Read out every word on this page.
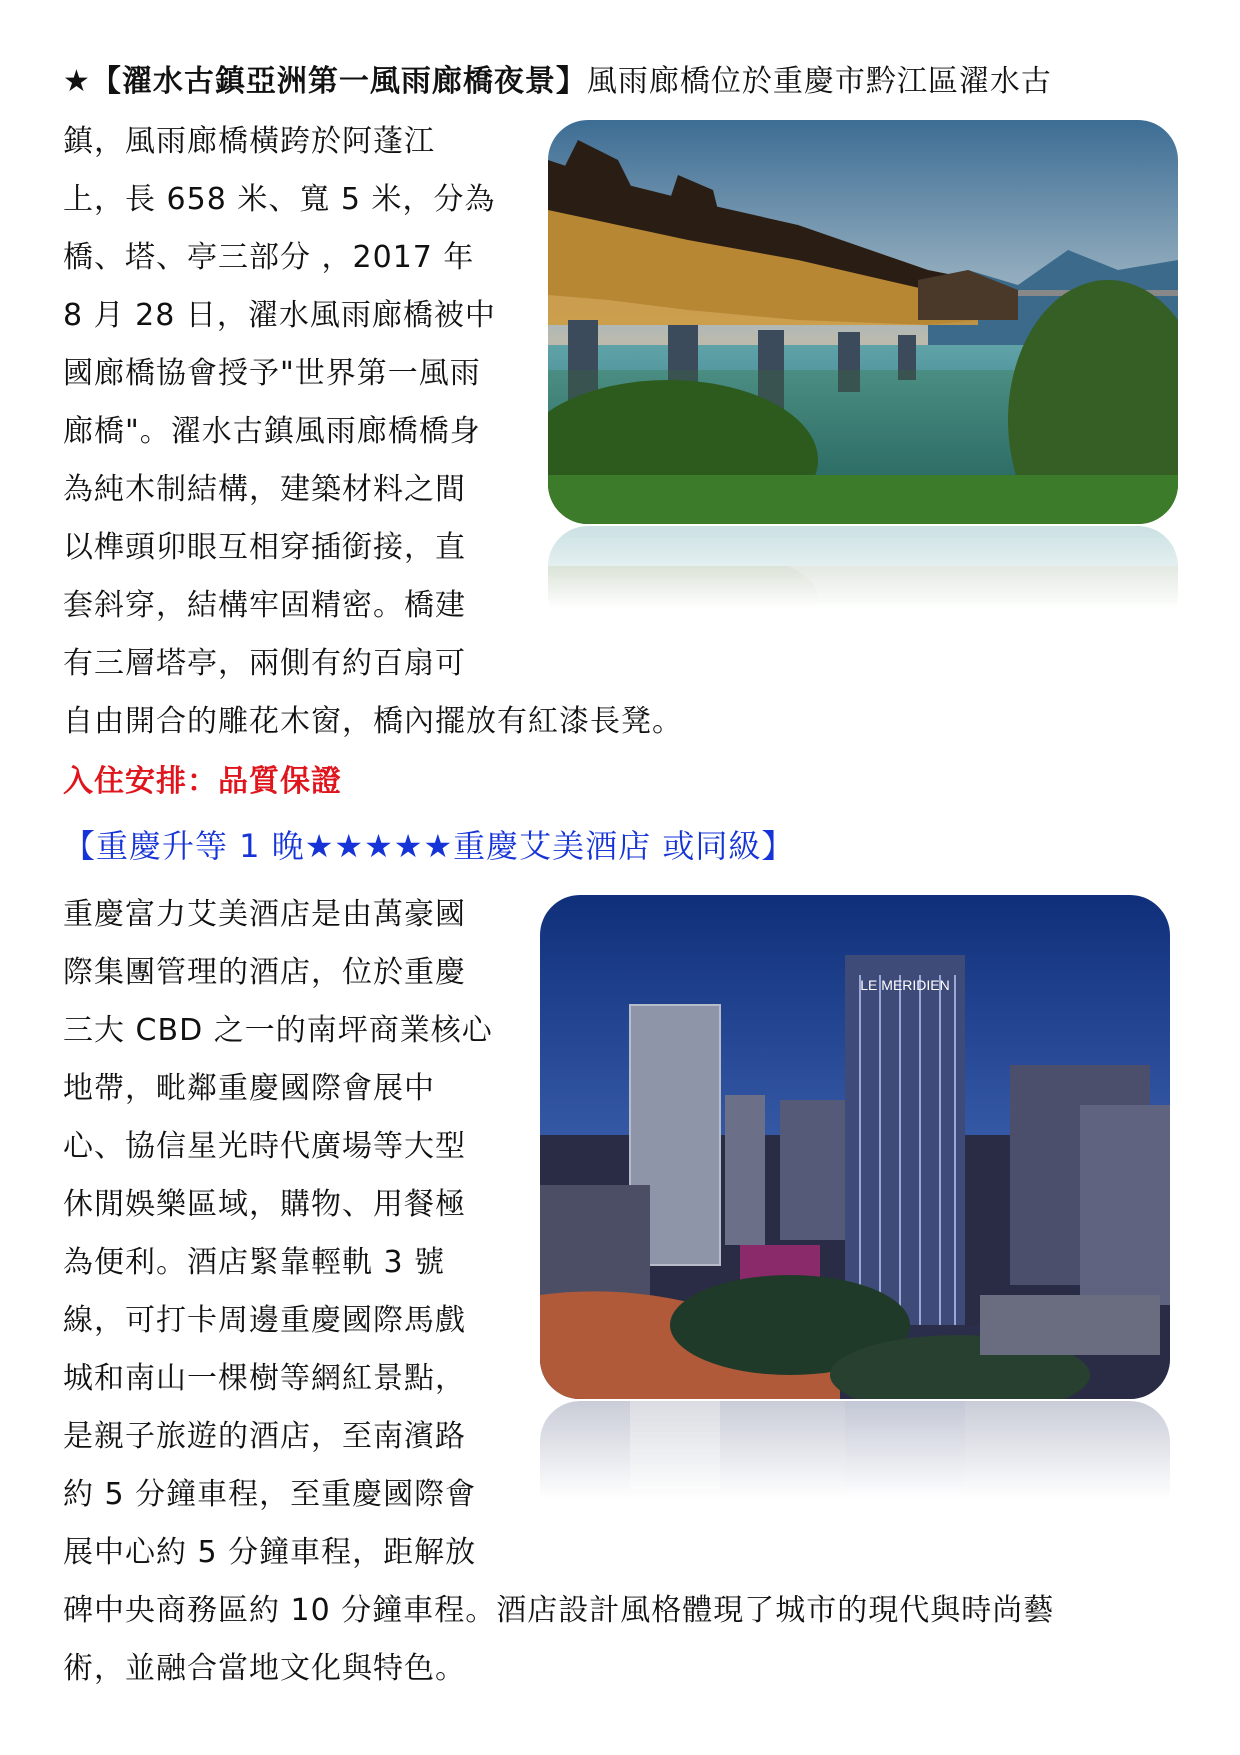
★【濯水古鎮亞洲第一風雨廊橋夜景】風雨廊橋位於重慶市黔江區濯水古
鎮，風雨廊橋橫跨於阿蓬江
上，長 658 米、寬 5 米，分為
橋、塔、亭三部分 ，2017 年
8 月 28 日，濯水風雨廊橋被中
國廊橋協會授予"世界第一風雨
廊橋"。濯水古鎮風雨廊橋橋身
為純木制結構，建築材料之間
以榫頭卯眼互相穿插銜接，直
套斜穿，結構牢固精密。橋建
有三層塔亭，兩側有約百扇可
自由開合的雕花木窗，橋內擺放有紅漆長凳。
入住安排：品質保證
【重慶升等 1 晚★★★★★重慶艾美酒店 或同級】
重慶富力艾美酒店是由萬豪國
際集團管理的酒店，位於重慶
三大 CBD 之一的南坪商業核心
地帶，毗鄰重慶國際會展中
心、協信星光時代廣場等大型
休閒娛樂區域，購物、用餐極
為便利。酒店緊靠輕軌 3 號
線，可打卡周邊重慶國際馬戲
城和南山一棵樹等網紅景點，
是親子旅遊的酒店，至南濱路
約 5 分鐘車程，至重慶國際會
展中心約 5 分鐘車程，距解放
碑中央商務區約 10 分鐘車程。酒店設計風格體現了城市的現代與時尚藝
術，並融合當地文化與特色。
LE MERIDIEN
